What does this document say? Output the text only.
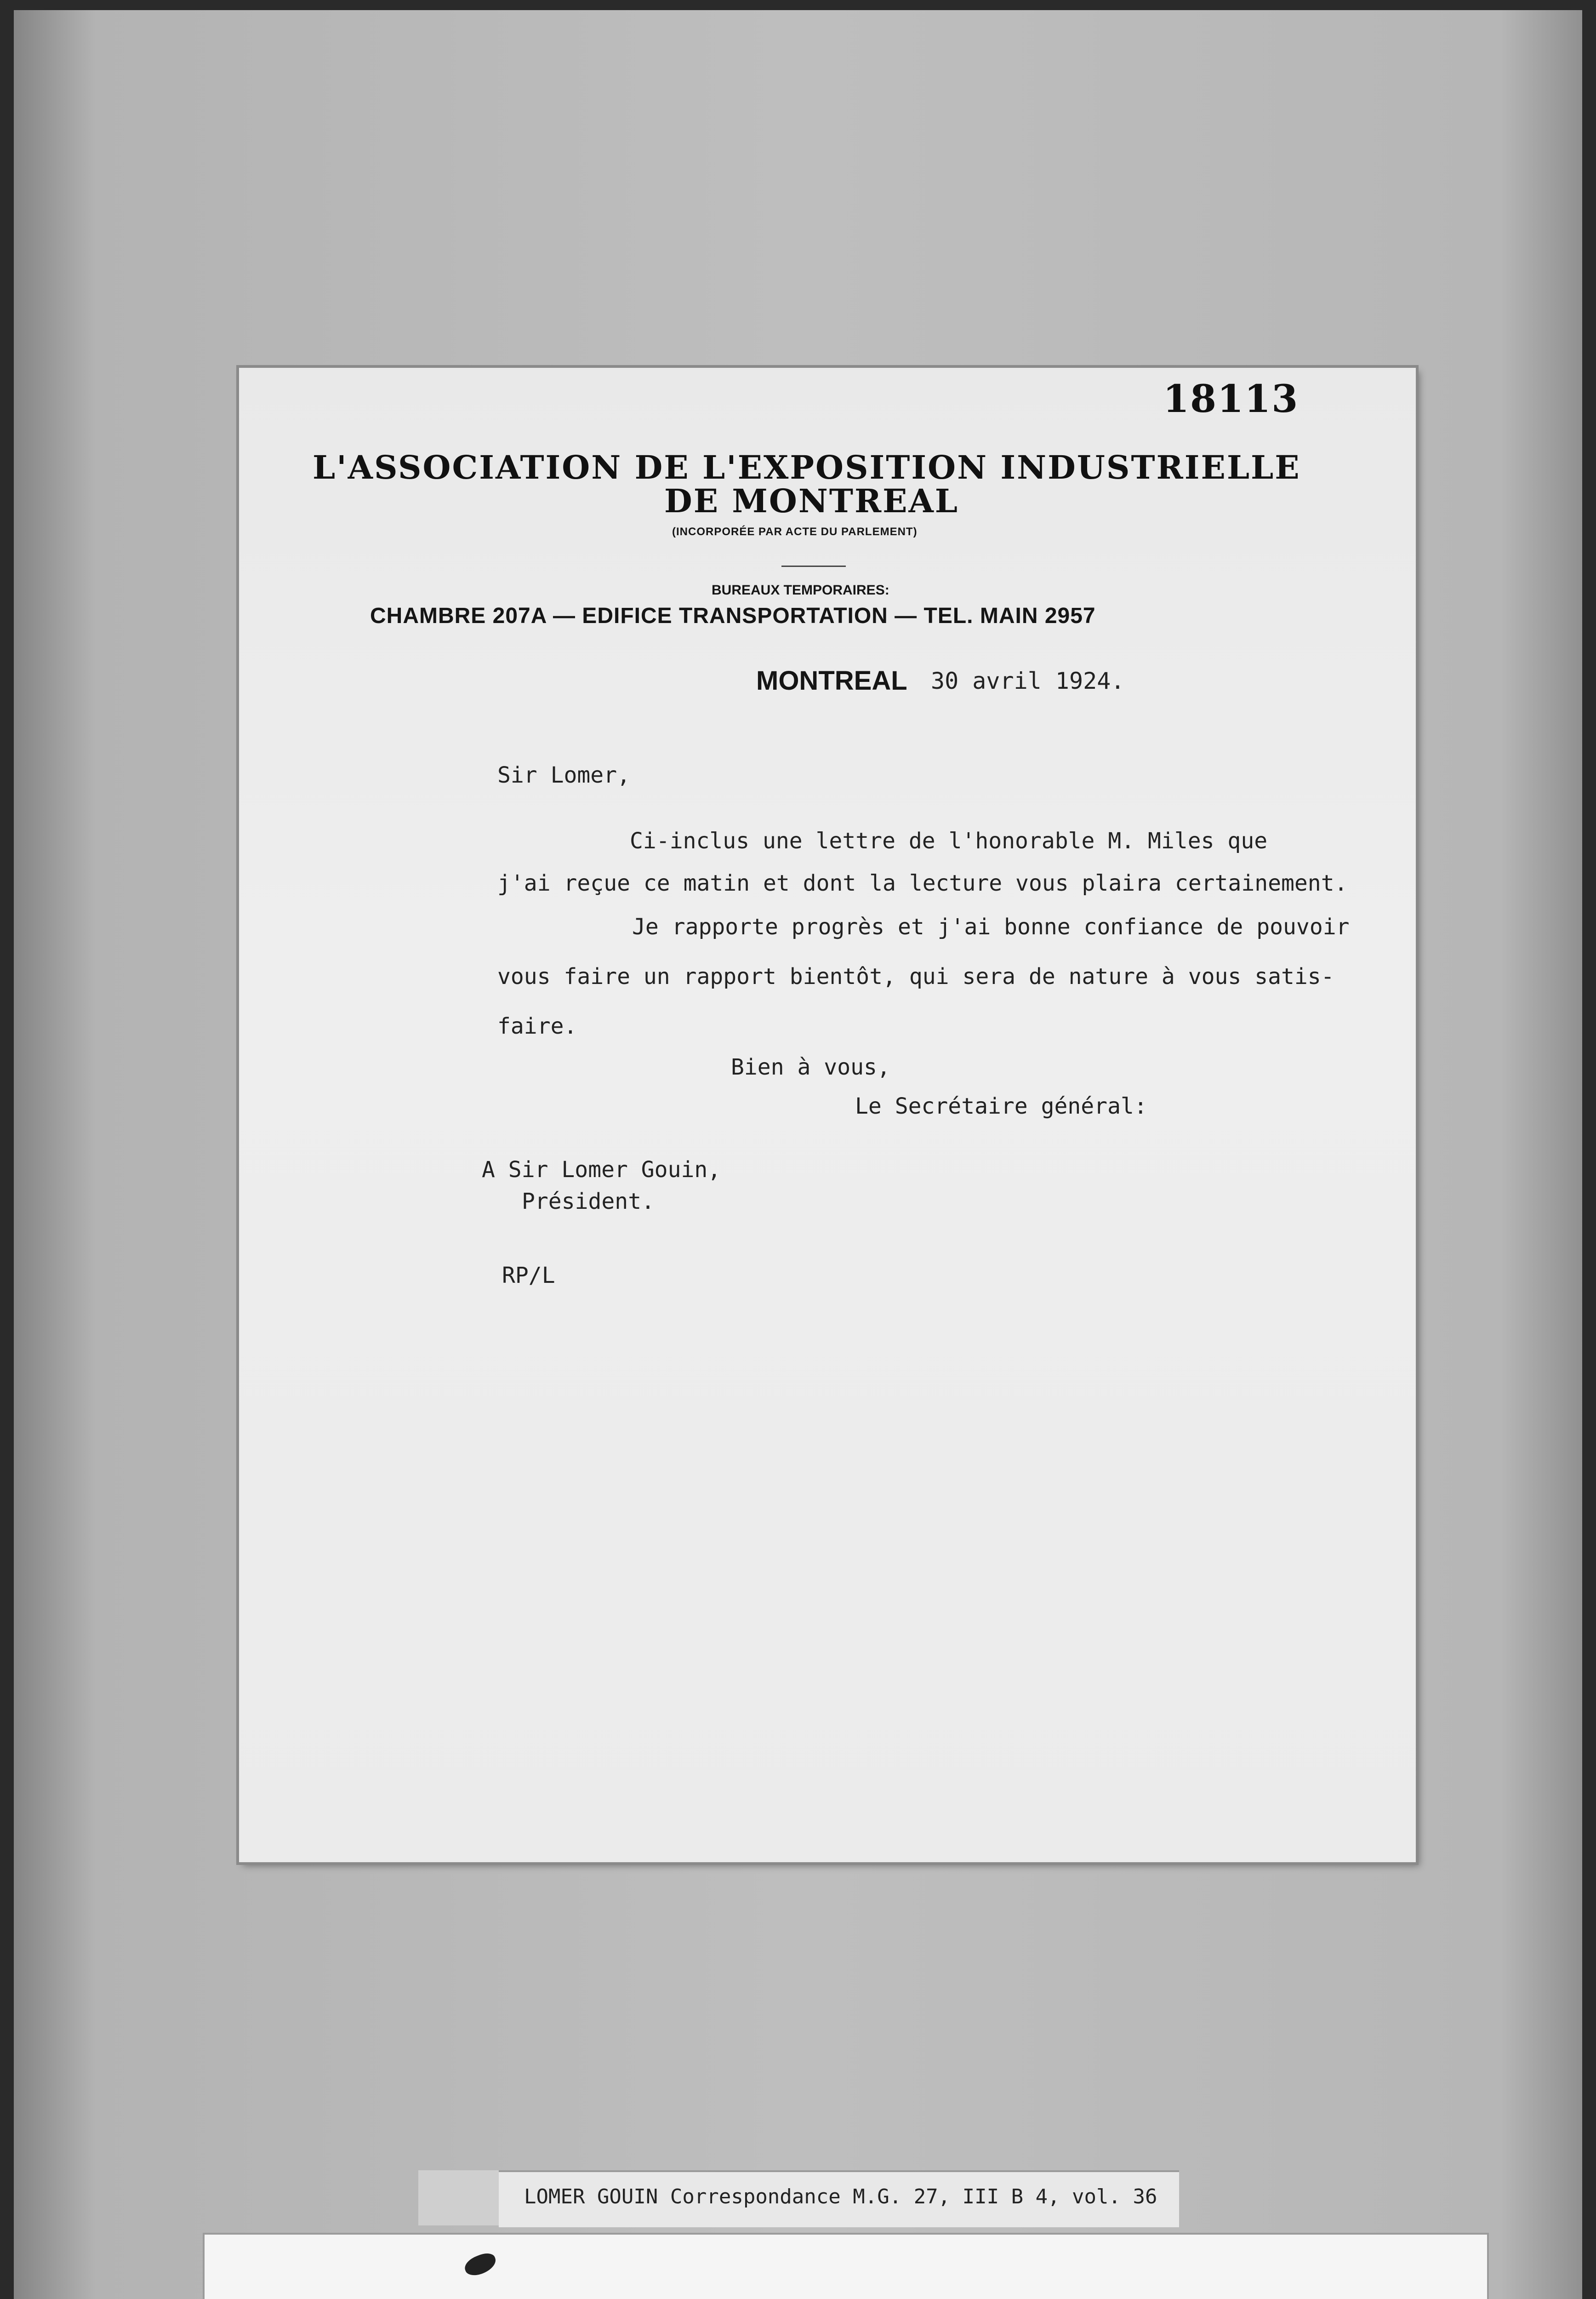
18113
L'ASSOCIATION DE L'EXPOSITION INDUSTRIELLE
DE MONTREAL
(INCORPORÉE PAR ACTE DU PARLEMENT)
BUREAUX TEMPORAIRES:
CHAMBRE 207A — EDIFICE TRANSPORTATION — TEL. MAIN 2957
MONTREAL 30 avril 1924.
Sir Lomer,
Ci-inclus une lettre de l'honorable M. Miles que
j'ai reçue ce matin et dont la lecture vous plaira certainement.
Je rapporte progrès et j'ai bonne confiance de pouvoir
vous faire un rapport bientôt, qui sera de nature à vous satis-
faire.
Bien à vous,
Le Secrétaire général:
A Sir Lomer Gouin,
Président.
RP/L
LOMER GOUIN Correspondance M.G. 27, III B 4, vol. 36
